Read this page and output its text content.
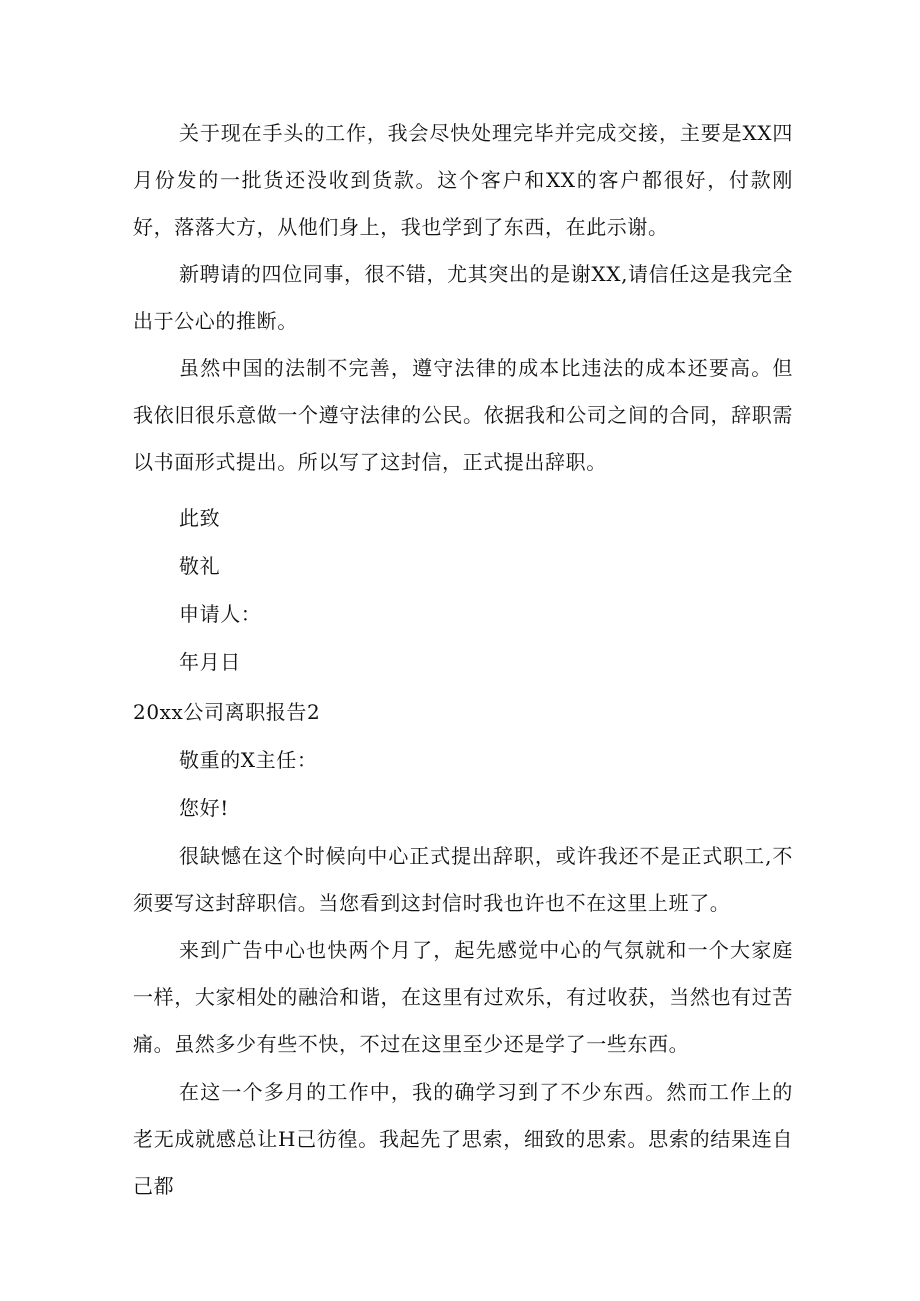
关于现在手头的工作，我会尽快处理完毕并完成交接，主要是XX四月份发的一批货还没收到货款。这个客户和XX的客户都很好，付款刚好，落落大方，从他们身上，我也学到了东西，在此示谢。

新聘请的四位同事，很不错，尤其突出的是谢XX,请信任这是我完全出于公心的推断。

虽然中国的法制不完善，遵守法律的成本比违法的成本还要高。但我依旧很乐意做一个遵守法律的公民。依据我和公司之间的合同，辞职需以书面形式提出。所以写了这封信，正式提出辞职。

此致
敬礼
申请人：
年月日
20xx公司离职报告2
敬重的X主任：
您好!

很缺憾在这个时候向中心正式提出辞职，或许我还不是正式职工,不须要写这封辞职信。当您看到这封信时我也许也不在这里上班了。

来到广告中心也快两个月了，起先感觉中心的气氛就和一个大家庭一样，大家相处的融洽和谐，在这里有过欢乐，有过收获，当然也有过苦痛。虽然多少有些不快，不过在这里至少还是学了一些东西。

在这一个多月的工作中，我的确学习到了不少东西。然而工作上的老无成就感总让H己彷徨。我起先了思索，细致的思索。思索的结果连自己都
